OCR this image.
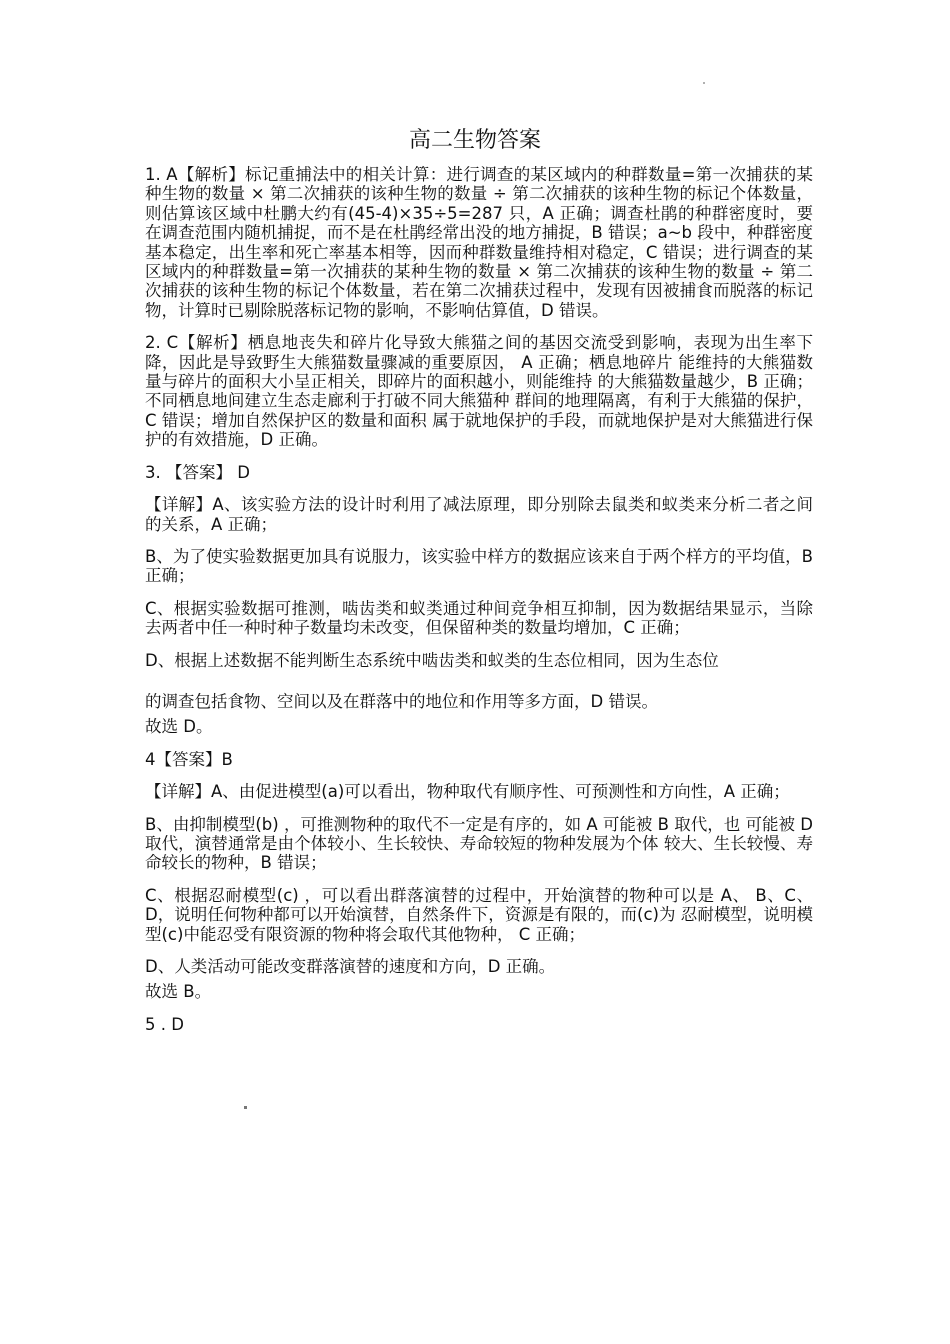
高二生物答案

1. A【解析】标记重捕法中的相关计算：进行调查的某区域内的种群数量=第一次捕获的某种生物的数量 × 第二次捕获的该种生物的数量 ÷ 第二次捕获的该种生物的标记个体数量，则估算该区域中杜鹏大约有(45-4)×35÷5=287 只，A 正确；调查杜鹃的种群密度时，要在调查范围内随机捕捉，而不是在杜鹃经常出没的地方捕捉，B 错误；a~b 段中，种群密度基本稳定，出生率和死亡率基本相等，因而种群数量维持相对稳定，C 错误；进行调查的某区域内的种群数量=第一次捕获的某种生物的数量 × 第二次捕获的该种生物的数量 ÷ 第二次捕获的该种生物的标记个体数量，若在第二次捕获过程中，发现有因被捕食而脱落的标记物，计算时已剔除脱落标记物的影响，不影响估算值，D 错误。

2. C【解析】栖息地丧失和碎片化导致大熊猫之间的基因交流受到影响，表现为出生率下降，因此是导致野生大熊猫数量骤减的重要原因， A 正确；栖息地碎片 能维持的大熊猫数量与碎片的面积大小呈正相关，即碎片的面积越小，则能维持 的大熊猫数量越少，B 正确；不同栖息地间建立生态走廊利于打破不同大熊猫种 群间的地理隔离，有利于大熊猫的保护， C 错误；增加自然保护区的数量和面积 属于就地保护的手段，而就地保护是对大熊猫进行保护的有效措施，D 正确。

3. 【答案】 D

【详解】A、该实验方法的设计时利用了减法原理，即分别除去鼠类和蚁类来分析二者之间的关系，A 正确；

B、为了使实验数据更加具有说服力，该实验中样方的数据应该来自于两个样方的平均值，B 正确；

C、根据实验数据可推测，啮齿类和蚁类通过种间竞争相互抑制，因为数据结果显示，当除去两者中任一种时种子数量均未改变，但保留种类的数量均增加，C 正确；

D、根据上述数据不能判断生态系统中啮齿类和蚁类的生态位相同，因为生态位

的调查包括食物、空间以及在群落中的地位和作用等多方面，D 错误。

故选 D。

4【答案】B

【详解】A、由促进模型(a)可以看出，物种取代有顺序性、可预测性和方向性，A 正确；

B、由抑制模型(b) ，可推测物种的取代不一定是有序的，如 A 可能被 B 取代，也 可能被 D 取代，演替通常是由个体较小、生长较快、寿命较短的物种发展为个体 较大、生长较慢、寿命较长的物种，B 错误；

C、根据忍耐模型(c) ，可以看出群落演替的过程中，开始演替的物种可以是 A、 B、C、D，说明任何物种都可以开始演替，自然条件下，资源是有限的，而(c)为 忍耐模型，说明模型(c)中能忍受有限资源的物种将会取代其他物种， C 正确；

D、人类活动可能改变群落演替的速度和方向，D 正确。

故选 B。

5 . D
